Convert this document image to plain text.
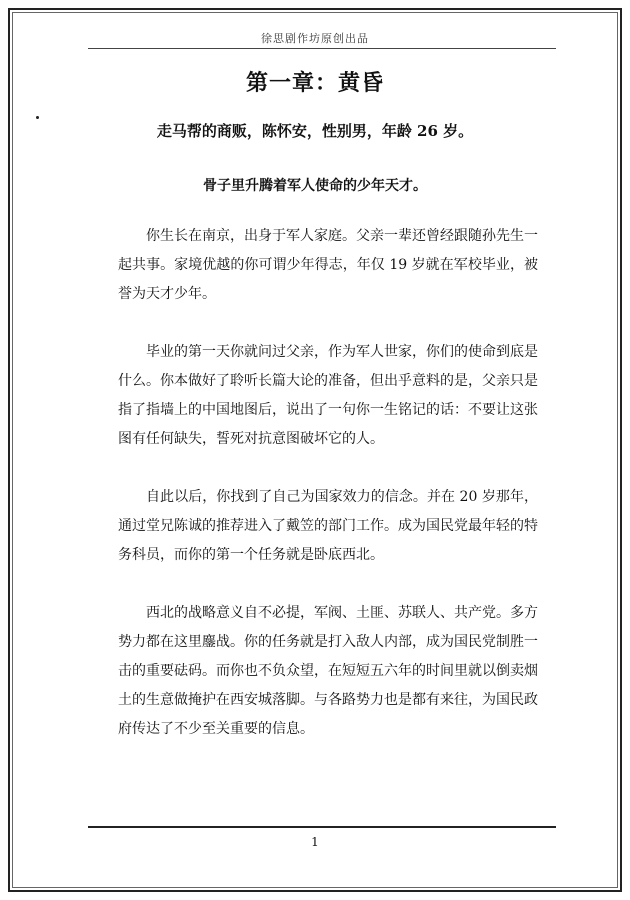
徐思剧作坊原创出品
第一章：黄昏
走马帮的商贩，陈怀安，性别男，年龄 26 岁。
骨子里升腾着军人使命的少年天才。

你生长在南京，出身于军人家庭。父亲一辈还曾经跟随孙先生一起共事。家境优越的你可谓少年得志，年仅 19 岁就在军校毕业，被誉为天才少年。

毕业的第一天你就问过父亲，作为军人世家，你们的使命到底是什么。你本做好了聆听长篇大论的准备，但出乎意料的是，父亲只是指了指墙上的中国地图后，说出了一句你一生铭记的话：不要让这张图有任何缺失，誓死对抗意图破坏它的人。

自此以后，你找到了自己为国家效力的信念。并在 20 岁那年，通过堂兄陈诚的推荐进入了戴笠的部门工作。成为国民党最年轻的特务科员，而你的第一个任务就是卧底西北。

西北的战略意义自不必提，军阀、土匪、苏联人、共产党。多方势力都在这里鏖战。你的任务就是打入敌人内部，成为国民党制胜一击的重要砝码。而你也不负众望，在短短五六年的时间里就以倒卖烟土的生意做掩护在西安城落脚。与各路势力也是都有来往，为国民政府传达了不少至关重要的信息。

1
